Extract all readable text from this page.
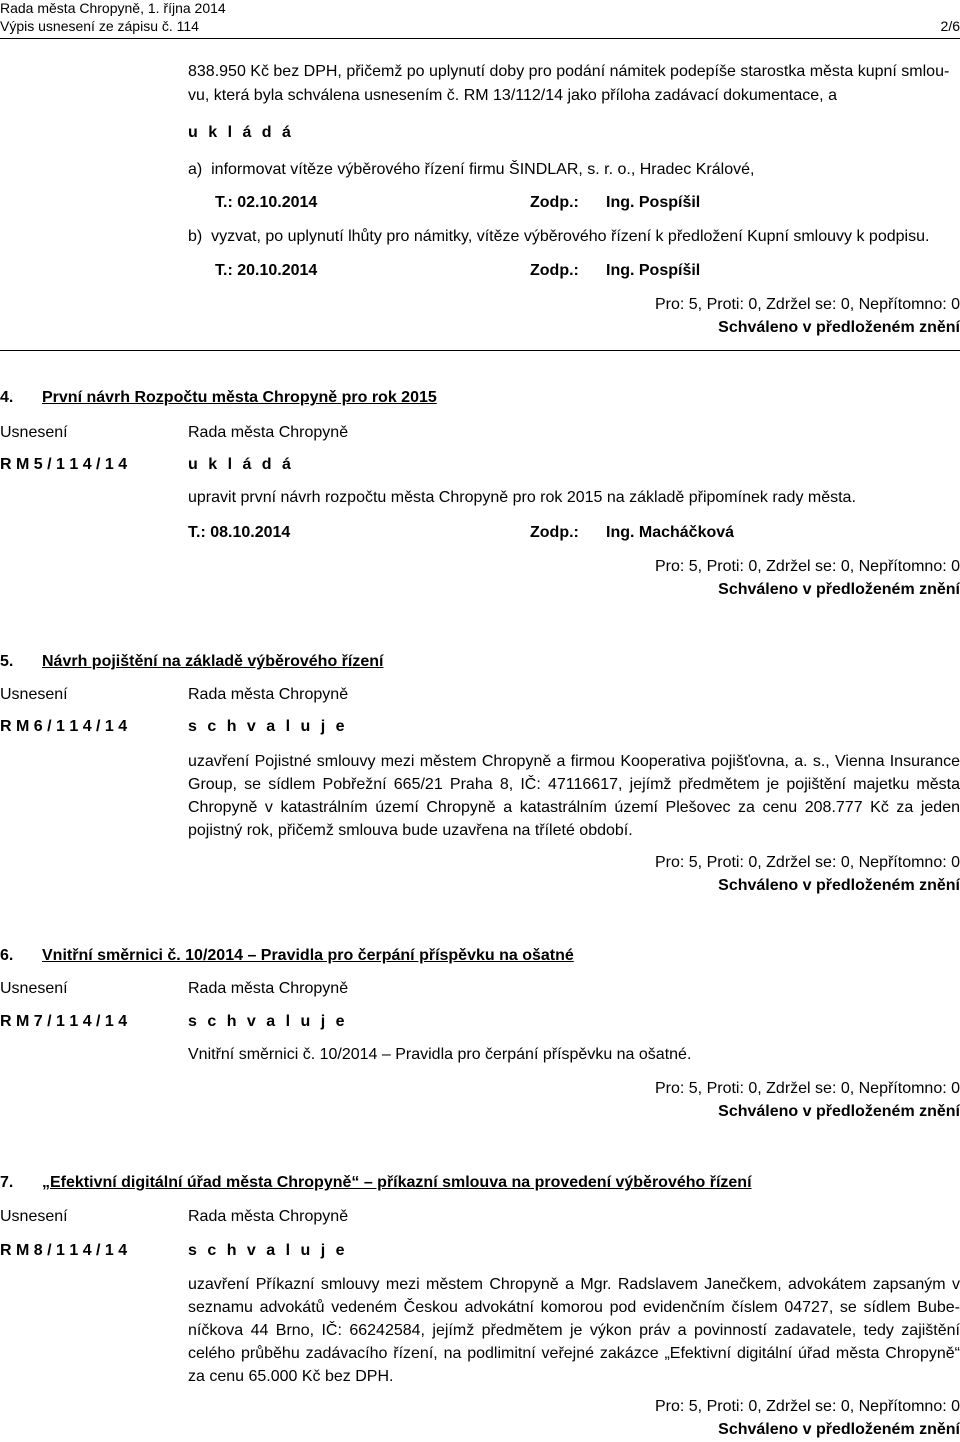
Rada města Chropyně, 1. října 2014
Výpis usnesení ze zápisu č. 114	2/6
838.950 Kč bez DPH, přičemž po uplynutí doby pro podání námitek podepíše starostka města kupní smlou-
vu, která byla schválena usnesením č. RM 13/112/14 jako příloha zadávací dokumentace, a
u k l á d á
a)  informovat vítěze výběrového řízení firmu ŠINDLAR, s. r. o., Hradec Králové,
T.: 02.10.2014	Zodp.: Ing. Pospíšil
b)  vyzvat, po uplynutí lhůty pro námitky, vítěze výběrového řízení k předložení Kupní smlouvy k podpisu.
T.: 20.10.2014	Zodp.: Ing. Pospíšil
Pro: 5, Proti: 0, Zdržel se: 0, Nepřítomno: 0
Schváleno v předloženém znění
4. První návrh Rozpočtu města Chropyně pro rok 2015
Usnesení	Rada města Chropyně
R M 5 / 1 1 4 / 1 4	u k l á d á
upravit první návrh rozpočtu města Chropyně pro rok 2015 na základě připomínek rady města.
T.: 08.10.2014	Zodp.: Ing. Macháčková
Pro: 5, Proti: 0, Zdržel se: 0, Nepřítomno: 0
Schváleno v předloženém znění
5. Návrh pojištění na základě výběrového řízení
Usnesení	Rada města Chropyně
R M 6 / 1 1 4 / 1 4	s c h v a l u j e
uzavření Pojistné smlouvy mezi městem Chropyně a firmou Kooperativa pojišťovna, a. s., Vienna Insurance Group, se sídlem Pobřežní 665/21 Praha 8, IČ: 47116617, jejímž předmětem je pojištění majetku města Chropyně v katastrálním území Chropyně a katastrálním území Plešovec za cenu 208.777 Kč za jeden pojistný rok, přičemž smlouva bude uzavřena na tříleté období.
Pro: 5, Proti: 0, Zdržel se: 0, Nepřítomno: 0
Schváleno v předloženém znění
6. Vnitřní směrnici č. 10/2014 – Pravidla pro čerpání příspěvku na ošatné
Usnesení	Rada města Chropyně
R M 7 / 1 1 4 / 1 4	s c h v a l u j e
Vnitřní směrnici č. 10/2014 – Pravidla pro čerpání příspěvku na ošatné.
Pro: 5, Proti: 0, Zdržel se: 0, Nepřítomno: 0
Schváleno v předloženém znění
7. „Efektivní digitální úřad města Chropyně“ – příkazní smlouva na provedení výběrového řízení
Usnesení	Rada města Chropyně
R M 8 / 1 1 4 / 1 4	s c h v a l u j e
uzavření Příkazní smlouvy mezi městem Chropyně a Mgr. Radslavem Janečkem, advokátem zapsaným v seznamu advokátů vedeném Českou advokátní komorou pod evidenčním číslem 04727, se sídlem Bube-níčkova 44 Brno, IČ: 66242584, jejímž předmětem je výkon práv a povinností zadavatele, tedy zajištění celého průběhu zadávacího řízení, na podlimitní veřejné zakázce „Efektivní digitální úřad města Chropyně“ za cenu 65.000 Kč bez DPH.
Pro: 5, Proti: 0, Zdržel se: 0, Nepřítomno: 0
Schváleno v předloženém znění
